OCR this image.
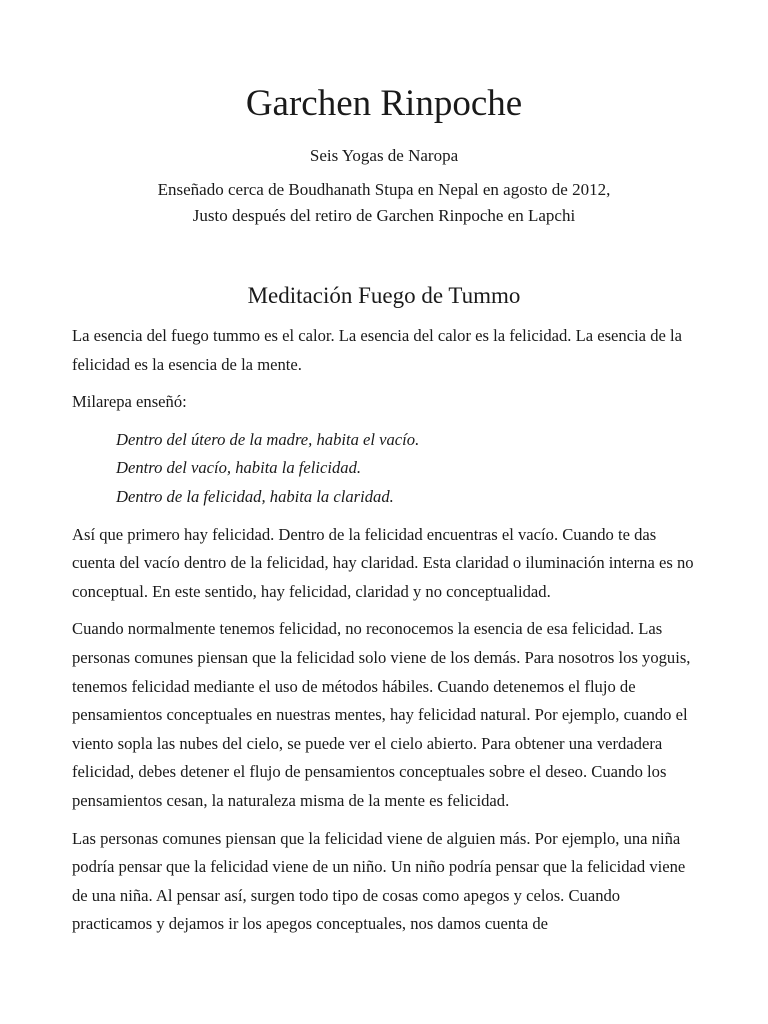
Garchen Rinpoche
Seis Yogas de Naropa
Enseñado cerca de Boudhanath Stupa en Nepal en agosto de 2012,
Justo después del retiro de Garchen Rinpoche en Lapchi
Meditación Fuego de Tummo

La esencia del fuego tummo es el calor. La esencia del calor es la felicidad. La esencia de la felicidad es la esencia de la mente.

Milarepa enseñó:

Dentro del útero de la madre, habita el vacío.
Dentro del vacío, habita la felicidad.
Dentro de la felicidad, habita la claridad.

Así que primero hay felicidad. Dentro de la felicidad encuentras el vacío. Cuando te das cuenta del vacío dentro de la felicidad, hay claridad. Esta claridad o iluminación interna es no conceptual. En este sentido, hay felicidad, claridad y no conceptualidad.

Cuando normalmente tenemos felicidad, no reconocemos la esencia de esa felicidad. Las personas comunes piensan que la felicidad solo viene de los demás. Para nosotros los yoguis, tenemos felicidad mediante el uso de métodos hábiles. Cuando detenemos el flujo de pensamientos conceptuales en nuestras mentes, hay felicidad natural. Por ejemplo, cuando el viento sopla las nubes del cielo, se puede ver el cielo abierto. Para obtener una verdadera felicidad, debes detener el flujo de pensamientos conceptuales sobre el deseo. Cuando los pensamientos cesan, la naturaleza misma de la mente es felicidad.

Las personas comunes piensan que la felicidad viene de alguien más. Por ejemplo, una niña podría pensar que la felicidad viene de un niño. Un niño podría pensar que la felicidad viene de una niña. Al pensar así, surgen todo tipo de cosas como apegos y celos. Cuando practicamos y dejamos ir los apegos conceptuales, nos damos cuenta de
